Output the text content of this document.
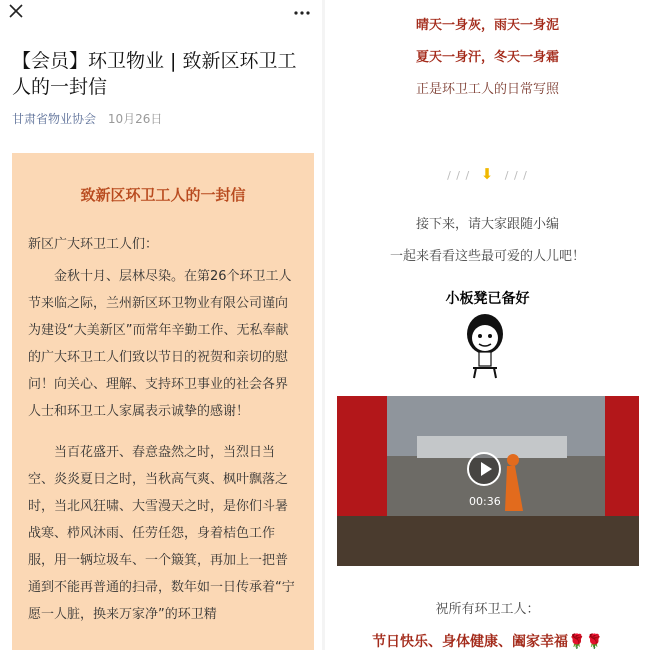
【会员】环卫物业 | 致新区环卫工人的一封信
甘肃省物业协会 10月26日
致新区环卫工人的一封信
新区广大环卫工人们：

金秋十月、层林尽染。在第26个环卫工人节来临之际，兰州新区环卫物业有限公司谨向为建设“大美新区”而常年辛勤工作、无私奉献的广大环卫工人们致以节日的祝贺和亲切的慰问！向关心、理解、支持环卫事业的社会各界人士和环卫工人家属表示诚挚的感谢！

当百花盛开、春意盎然之时，当烈日当空、炎炎夏日之时，当秋高气爽、枫叶飘落之时，当北风狂啸、大雪漫天之时，是你们斗暑战寒、栉风沐雨、任劳任怨，身着桔色工作服，用一辆垃圾车、一个簸箕，再加上一把普通到不能再普通的扫帚，数年如一日传承着“宁愿一人脏，换来万家净”的环卫精

晴天一身灰，雨天一身泥
夏天一身汗，冬天一身霜
正是环卫工人的日常写照
/ / / ⬇ / / /
接下来，请大家跟随小编
一起来看看这些最可爱的人儿吧！
小板凳已备好
00:36
祝所有环卫工人：
节日快乐、身体健康、阖家幸福🌹🌹
